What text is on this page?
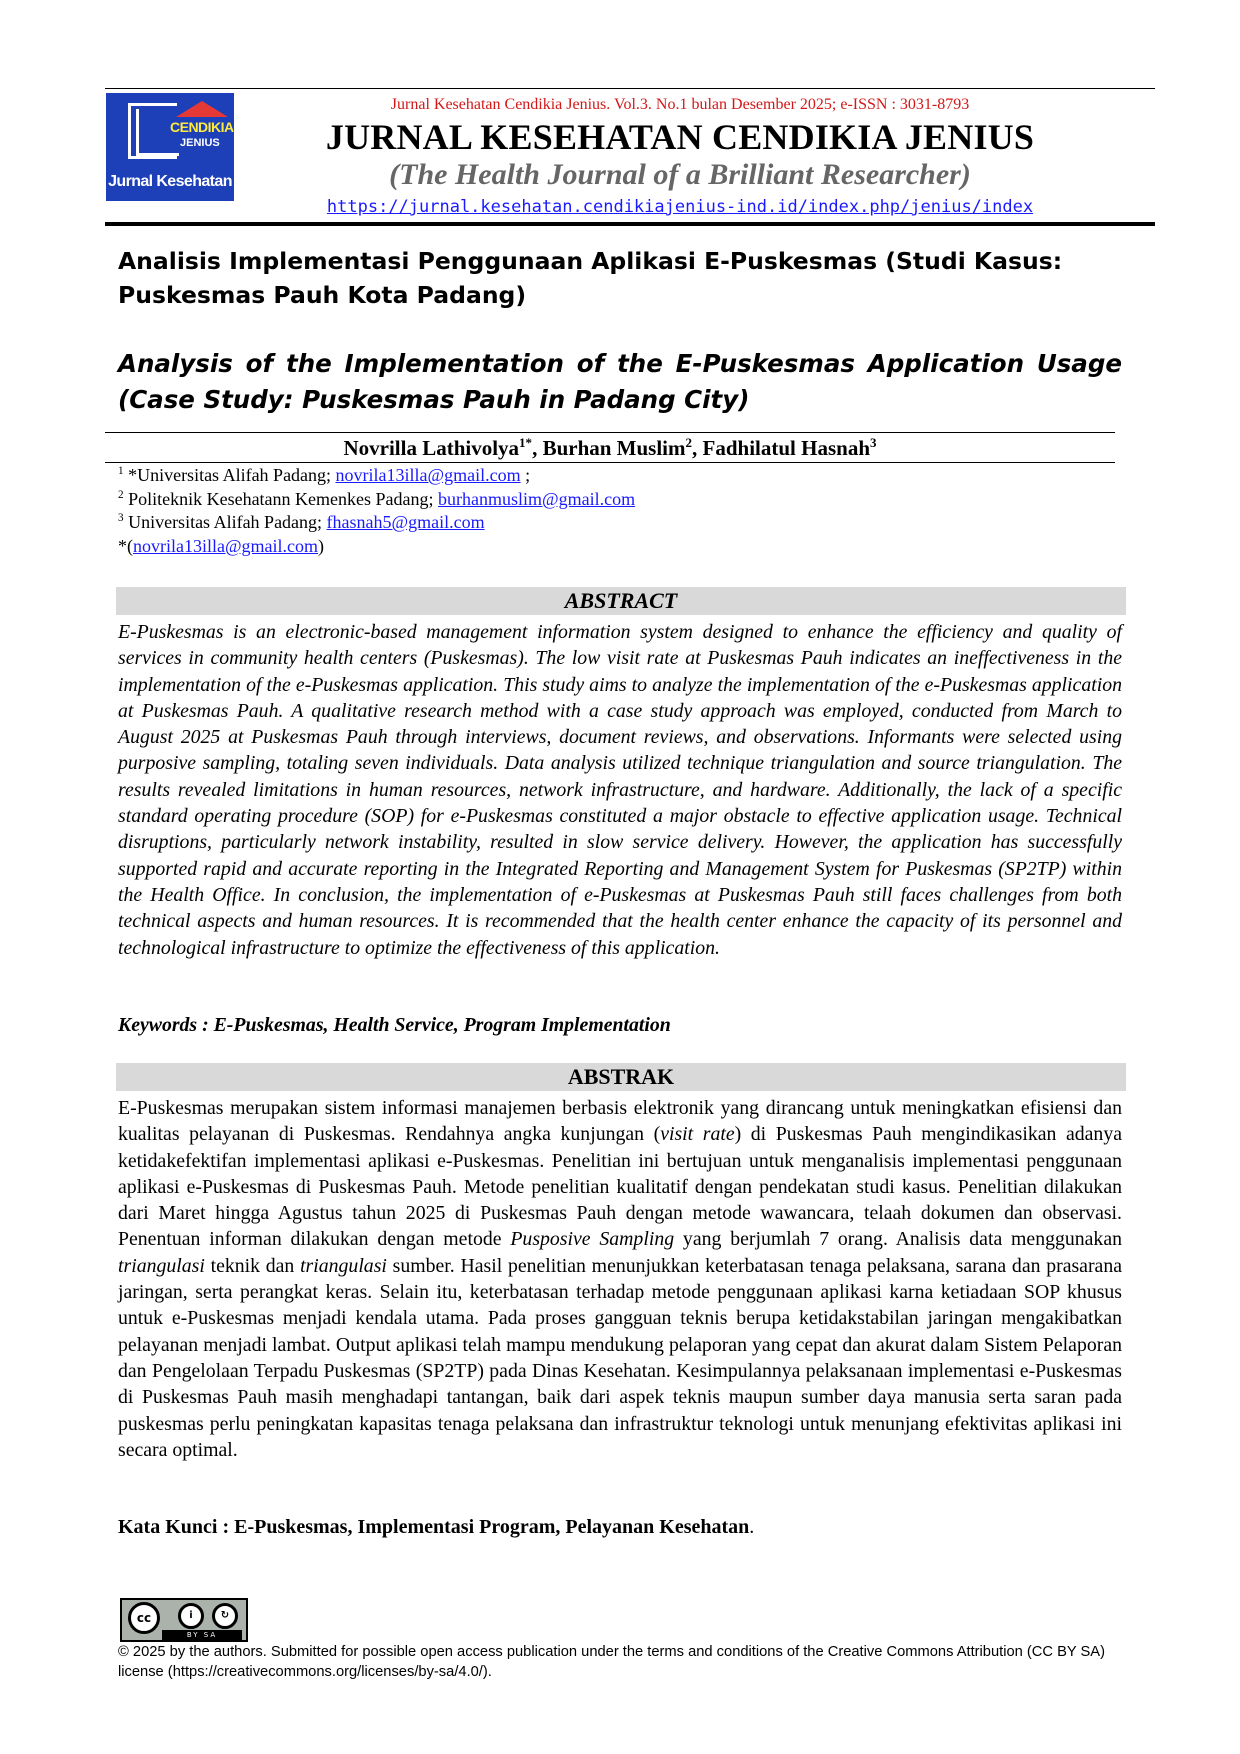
CENDIKIA
JENIUS
Jurnal Kesehatan
Jurnal Kesehatan Cendikia Jenius. Vol.3. No.1 bulan Desember 2025; e-ISSN : 3031-8793
JURNAL KESEHATAN CENDIKIA JENIUS
(The Health Journal of a Brilliant Researcher)
https://jurnal.kesehatan.cendikiajenius-ind.id/index.php/jenius/index
Analisis Implementasi Penggunaan Aplikasi E-Puskesmas (Studi Kasus: Puskesmas Pauh Kota Padang)
Analysis of the Implementation of the E-Puskesmas Application Usage (Case Study: Puskesmas Pauh in Padang City)
Novrilla Lathivolya$^{1*}$, Burhan Muslim$^2$, Fadhilatul Hasnah$^3$
$^1$ *Universitas Alifah Padang; novrila13illa@gmail.com ;
$^2$ Politeknik Kesehatann Kemenkes Padang; burhanmuslim@gmail.com
$^3$ Universitas Alifah Padang; fhasnah5@gmail.com
*(novrila13illa@gmail.com)
ABSTRACT
E-Puskesmas is an electronic-based management information system designed to enhance the efficiency and quality of services in community health centers (Puskesmas). The low visit rate at Puskesmas Pauh indicates an ineffectiveness in the implementation of the e-Puskesmas application. This study aims to analyze the implementation of the e-Puskesmas application at Puskesmas Pauh. A qualitative research method with a case study approach was employed, conducted from March to August 2025 at Puskesmas Pauh through interviews, document reviews, and observations. Informants were selected using purposive sampling, totaling seven individuals. Data analysis utilized technique triangulation and source triangulation. The results revealed limitations in human resources, network infrastructure, and hardware. Additionally, the lack of a specific standard operating procedure (SOP) for e-Puskesmas constituted a major obstacle to effective application usage. Technical disruptions, particularly network instability, resulted in slow service delivery. However, the application has successfully supported rapid and accurate reporting in the Integrated Reporting and Management System for Puskesmas (SP2TP) within the Health Office. In conclusion, the implementation of e-Puskesmas at Puskesmas Pauh still faces challenges from both technical aspects and human resources. It is recommended that the health center enhance the capacity of its personnel and technological infrastructure to optimize the effectiveness of this application.
Keywords : E-Puskesmas, Health Service, Program Implementation
ABSTRAK
E-Puskesmas merupakan sistem informasi manajemen berbasis elektronik yang dirancang untuk meningkatkan efisiensi dan kualitas pelayanan di Puskesmas. Rendahnya angka kunjungan (visit rate) di Puskesmas Pauh mengindikasikan adanya ketidakefektifan implementasi aplikasi e-Puskesmas. Penelitian ini bertujuan untuk menganalisis implementasi penggunaan aplikasi e-Puskesmas di Puskesmas Pauh. Metode penelitian kualitatif dengan pendekatan studi kasus. Penelitian dilakukan dari Maret hingga Agustus tahun 2025 di Puskesmas Pauh dengan metode wawancara, telaah dokumen dan observasi. Penentuan informan dilakukan dengan metode Pusposive Sampling yang berjumlah 7 orang. Analisis data menggunakan triangulasi teknik dan triangulasi sumber. Hasil penelitian menunjukkan keterbatasan tenaga pelaksana, sarana dan prasarana jaringan, serta perangkat keras. Selain itu, keterbatasan terhadap metode penggunaan aplikasi karna ketiadaan SOP khusus untuk e-Puskesmas menjadi kendala utama. Pada proses gangguan teknis berupa ketidakstabilan jaringan mengakibatkan pelayanan menjadi lambat. Output aplikasi telah mampu mendukung pelaporan yang cepat dan akurat dalam Sistem Pelaporan dan Pengelolaan Terpadu Puskesmas (SP2TP) pada Dinas Kesehatan. Kesimpulannya pelaksanaan implementasi e-Puskesmas di Puskesmas Pauh masih menghadapi tantangan, baik dari aspek teknis maupun sumber daya manusia serta saran pada puskesmas perlu peningkatan kapasitas tenaga pelaksana dan infrastruktur teknologi untuk menunjang efektivitas aplikasi ini secara optimal.
Kata Kunci : E-Puskesmas, Implementasi Program, Pelayanan Kesehatan.
cc	i	↻
BY SA
© 2025 by the authors. Submitted for possible open access publication under the terms and conditions of the Creative Commons Attribution (CC BY SA) license (https://creativecommons.org/licenses/by-sa/4.0/).
